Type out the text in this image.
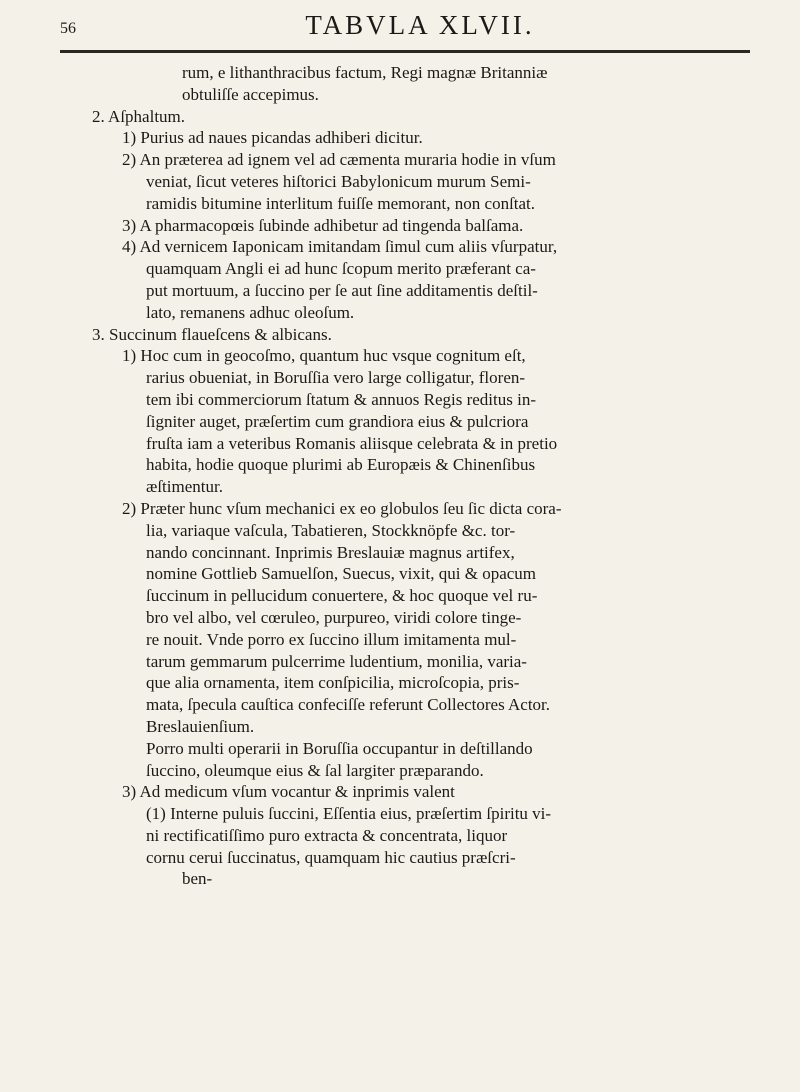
56	TABVLA XLVII.
rum, e lithanthracibus factum, Regi magnæ Britanniæ
obtuliſſe accepimus.
2. Aſphaltum.
1) Purius ad naues picandas adhiberi dicitur.
2) An præterea ad ignem vel ad cæmenta muraria hodie in vſum
veniat, ſicut veteres hiſtorici Babylonicum murum Semi-
ramidis bitumine interlitum fuiſſe memorant, non conſtat.
3) A pharmacopœis ſubinde adhibetur ad tingenda balſama.
4) Ad vernicem Iaponicam imitandam ſimul cum aliis vſurpatur,
quamquam Angli ei ad hunc ſcopum merito præferant ca-
put mortuum, a ſuccino per ſe aut ſine additamentis deſtil-
lato, remanens adhuc oleoſum.
3. Succinum flaueſcens & albicans.
1) Hoc cum in geocoſmo, quantum huc vsque cognitum eſt,
rarius obueniat, in Boruſſia vero large colligatur, floren-
tem ibi commerciorum ſtatum & annuos Regis reditus in-
ſigniter auget, præſertim cum grandiora eius & pulcriora
fruſta iam a veteribus Romanis aliisque celebrata & in pretio
habita, hodie quoque plurimi ab Europæis & Chinenſibus
æſtimentur.
2) Præter hunc vſum mechanici ex eo globulos ſeu ſic dicta cora-
lia, variaque vaſcula, Tabatieren, Stockknöpfe &c. tor-
nando concinnant. Inprimis Breslauiæ magnus artifex,
nomine Gottlieb Samuelſon, Suecus, vixit, qui & opacum
ſuccinum in pellucidum conuertere, & hoc quoque vel ru-
bro vel albo, vel cœruleo, purpureo, viridi colore tinge-
re nouit. Vnde porro ex ſuccino illum imitamenta mul-
tarum gemmarum pulcerrime ludentium, monilia, varia-
que alia ornamenta, item conſpicilia, microſcopia, pris-
mata, ſpecula cauſtica confeciſſe referunt Collectores Actor.
Breslauienſium.
Porro multi operarii in Boruſſia occupantur in deſtillando
ſuccino, oleumque eius & ſal largiter præparando.
3) Ad medicum vſum vocantur & inprimis valent
(1) Interne puluis ſuccini, Eſſentia eius, præſertim ſpiritu vi-
ni rectificatiſſimo puro extracta & concentrata, liquor
cornu cerui ſuccinatus, quamquam hic cautius præſcri-
ben-
